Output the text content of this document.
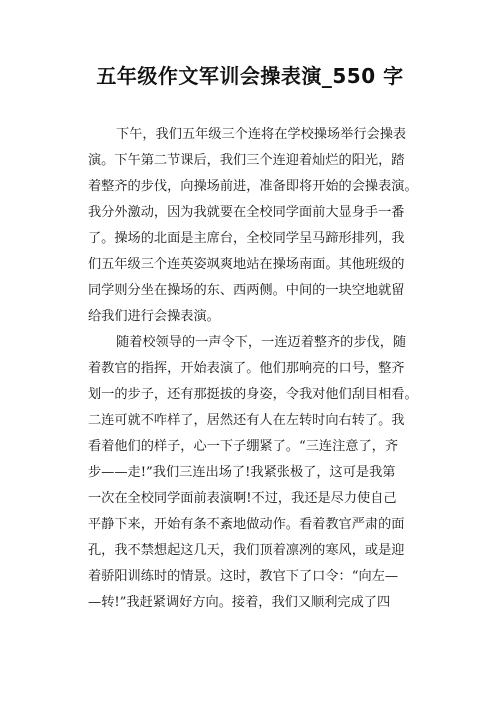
五年级作文军训会操表演_550 字
下午，我们五年级三个连将在学校操场举行会操表
演。下午第二节课后，我们三个连迎着灿烂的阳光，踏
着整齐的步伐，向操场前进，准备即将开始的会操表演。
我分外激动，因为我就要在全校同学面前大显身手一番
了。操场的北面是主席台，全校同学呈马蹄形排列，我
们五年级三个连英姿飒爽地站在操场南面。其他班级的
同学则分坐在操场的东、西两侧。中间的一块空地就留
给我们进行会操表演。
随着校领导的一声令下，一连迈着整齐的步伐，随
着教官的指挥，开始表演了。他们那响亮的口号，整齐
划一的步子，还有那挺拔的身姿，令我对他们刮目相看。
二连可就不咋样了，居然还有人在左转时向右转了。我
看着他们的样子，心一下子绷紧了。“三连注意了，齐
步——走!”我们三连出场了!我紧张极了，这可是我第
一次在全校同学面前表演啊!不过，我还是尽力使自己
平静下来，开始有条不紊地做动作。看着教官严肃的面
孔，我不禁想起这几天，我们顶着凛冽的寒风，或是迎
着骄阳训练时的情景。这时，教官下了口令：“向左—
—转!”我赶紧调好方向。接着，我们又顺利完成了四
